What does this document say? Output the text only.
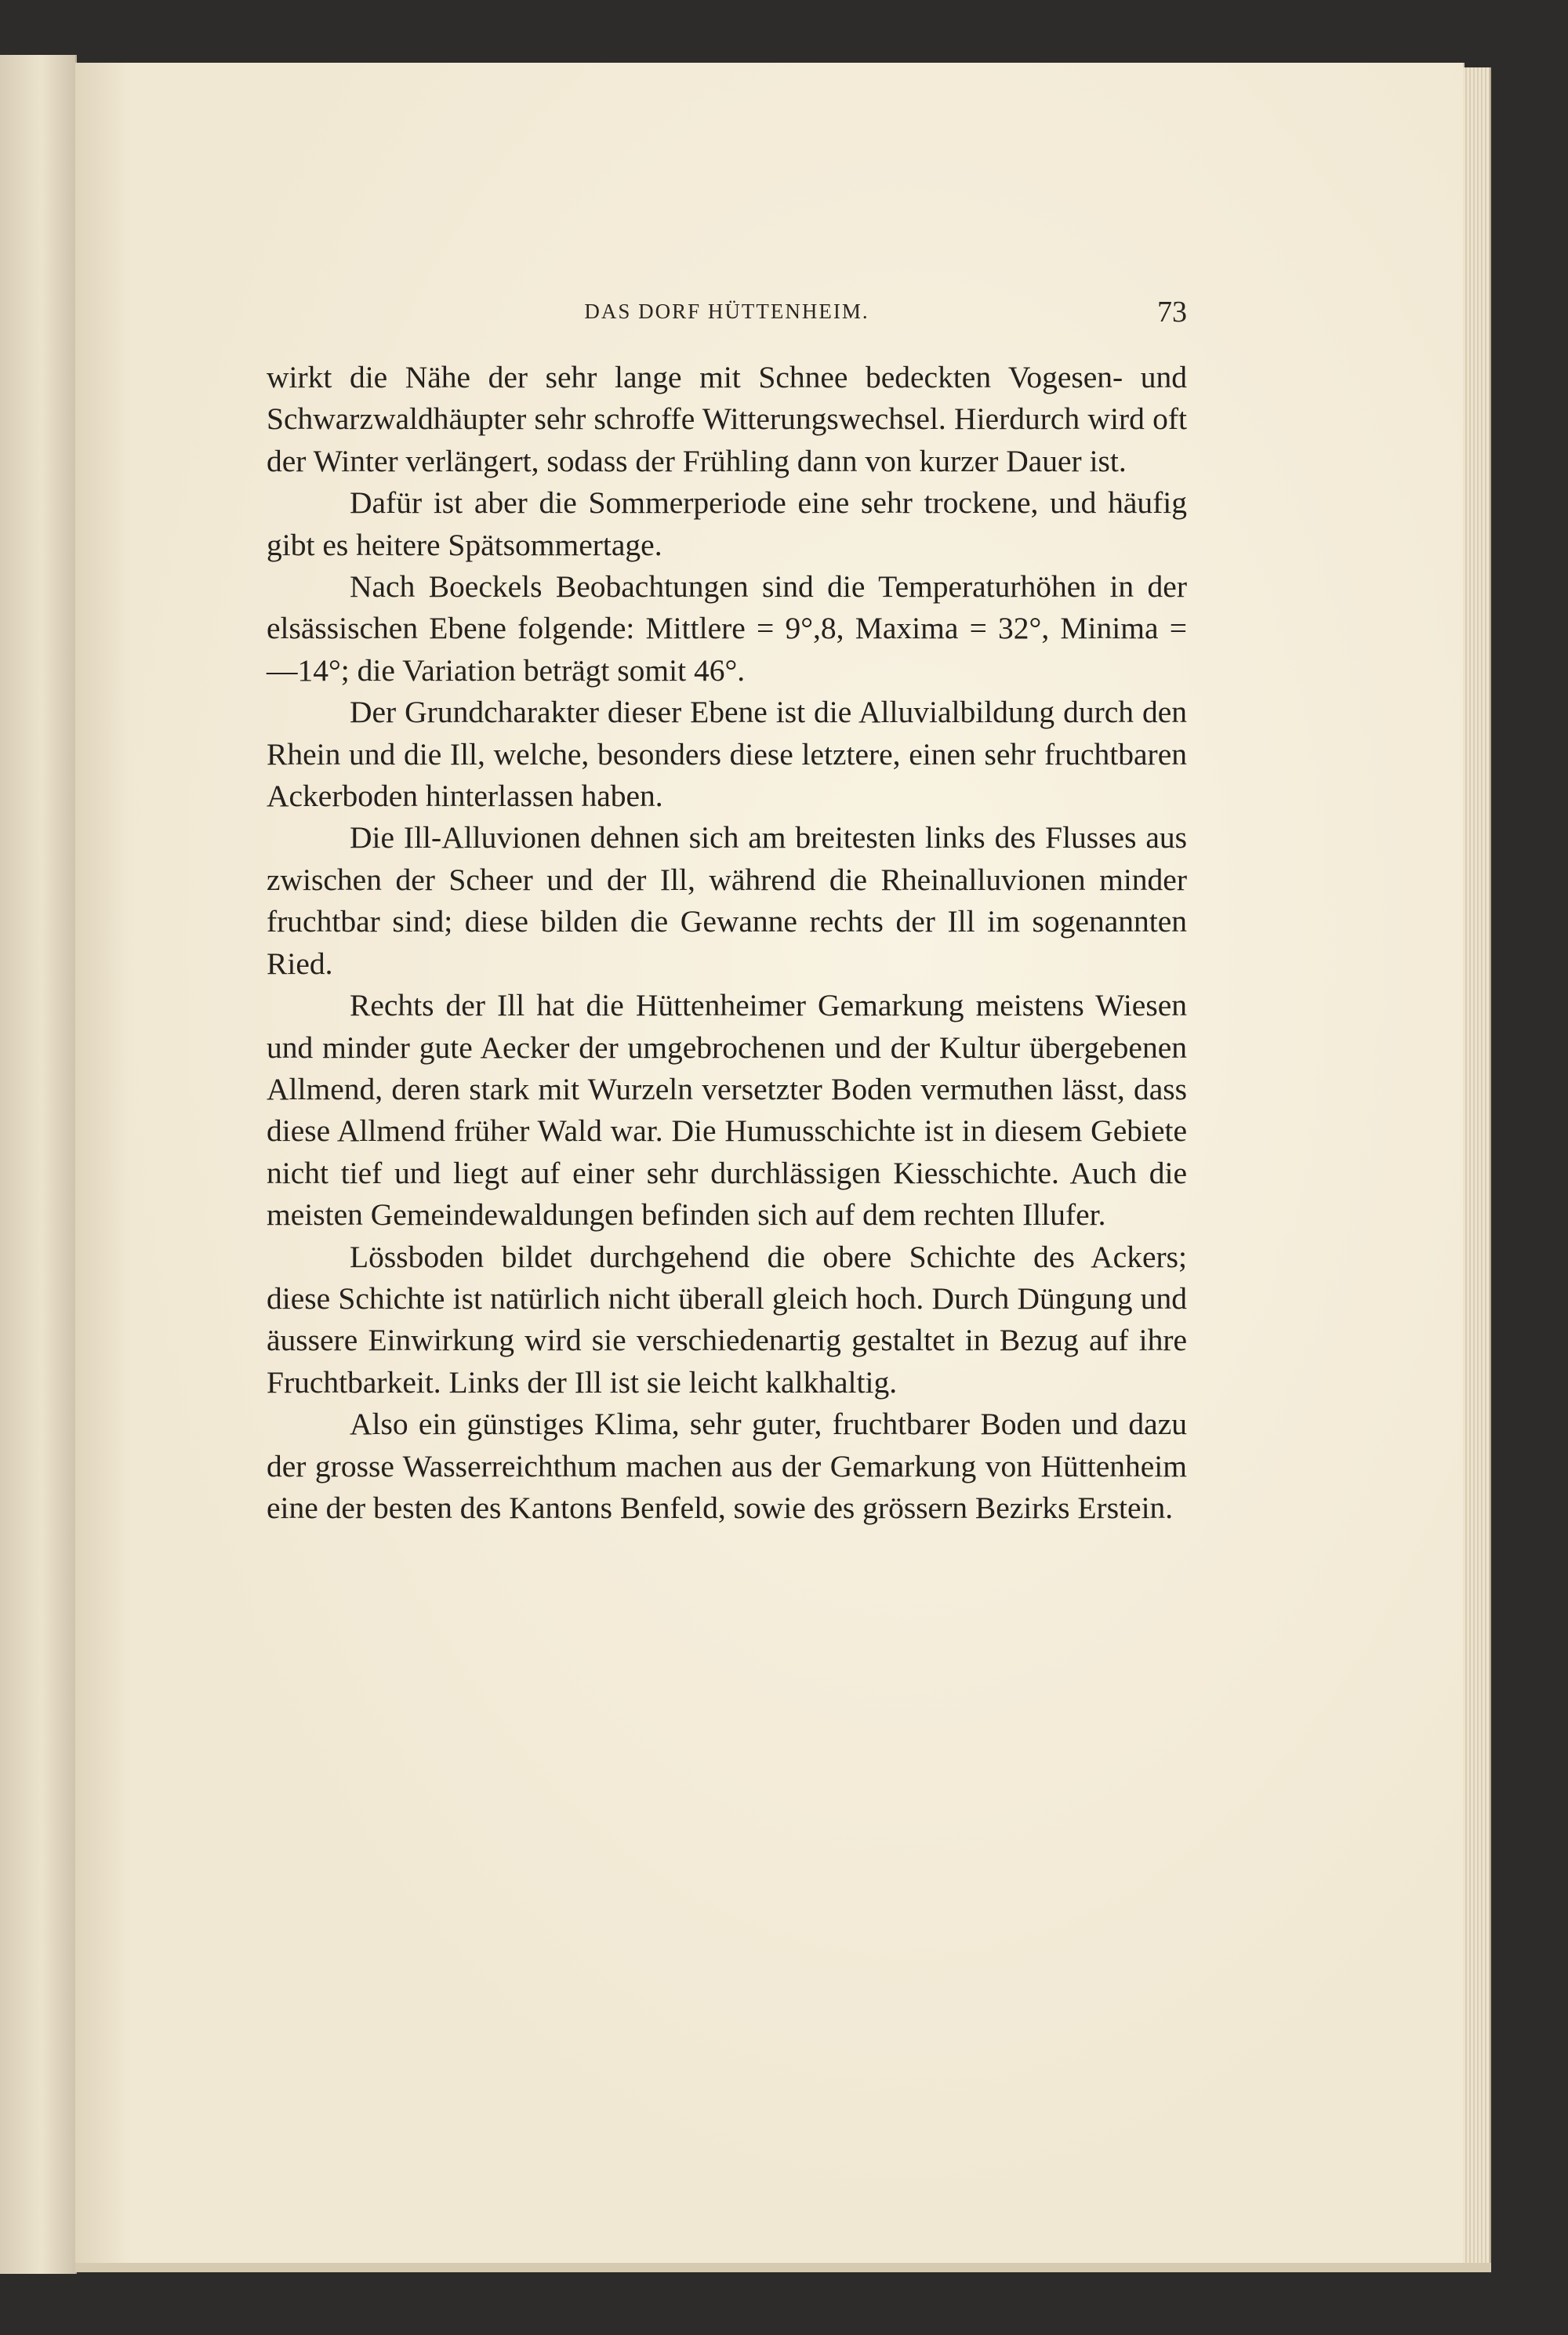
DAS DORF HÜTTENHEIM.	73

wirkt die Nähe der sehr lange mit Schnee bedeckten Vogesen- und Schwarzwaldhäupter sehr schroffe Witterungswechsel. Hierdurch wird oft der Winter verlängert, sodass der Frühling dann von kurzer Dauer ist.

Dafür ist aber die Sommerperiode eine sehr trockene, und häufig gibt es heitere Spätsommertage.

Nach Boeckels Beobachtungen sind die Temperaturhöhen in der elsässischen Ebene folgende: Mittlere = 9°,8, Maxima = 32°, Minima = —14°; die Variation beträgt somit 46°.

Der Grundcharakter dieser Ebene ist die Alluvialbildung durch den Rhein und die Ill, welche, besonders diese letztere, einen sehr fruchtbaren Ackerboden hinterlassen haben.

Die Ill-Alluvionen dehnen sich am breitesten links des Flusses aus zwischen der Scheer und der Ill, während die Rheinalluvionen minder fruchtbar sind; diese bilden die Gewanne rechts der Ill im sogenannten Ried.

Rechts der Ill hat die Hüttenheimer Gemarkung meistens Wiesen und minder gute Aecker der umgebrochenen und der Kultur übergebenen Allmend, deren stark mit Wurzeln versetzter Boden vermuthen lässt, dass diese Allmend früher Wald war. Die Humusschichte ist in diesem Gebiete nicht tief und liegt auf einer sehr durchlässigen Kiesschichte. Auch die meisten Gemeindewaldungen befinden sich auf dem rechten Illufer.

Lössboden bildet durchgehend die obere Schichte des Ackers; diese Schichte ist natürlich nicht überall gleich hoch. Durch Düngung und äussere Einwirkung wird sie verschiedenartig gestaltet in Bezug auf ihre Fruchtbarkeit. Links der Ill ist sie leicht kalkhaltig.

Also ein günstiges Klima, sehr guter, fruchtbarer Boden und dazu der grosse Wasserreichthum machen aus der Gemarkung von Hüttenheim eine der besten des Kantons Benfeld, sowie des grössern Bezirks Erstein.
